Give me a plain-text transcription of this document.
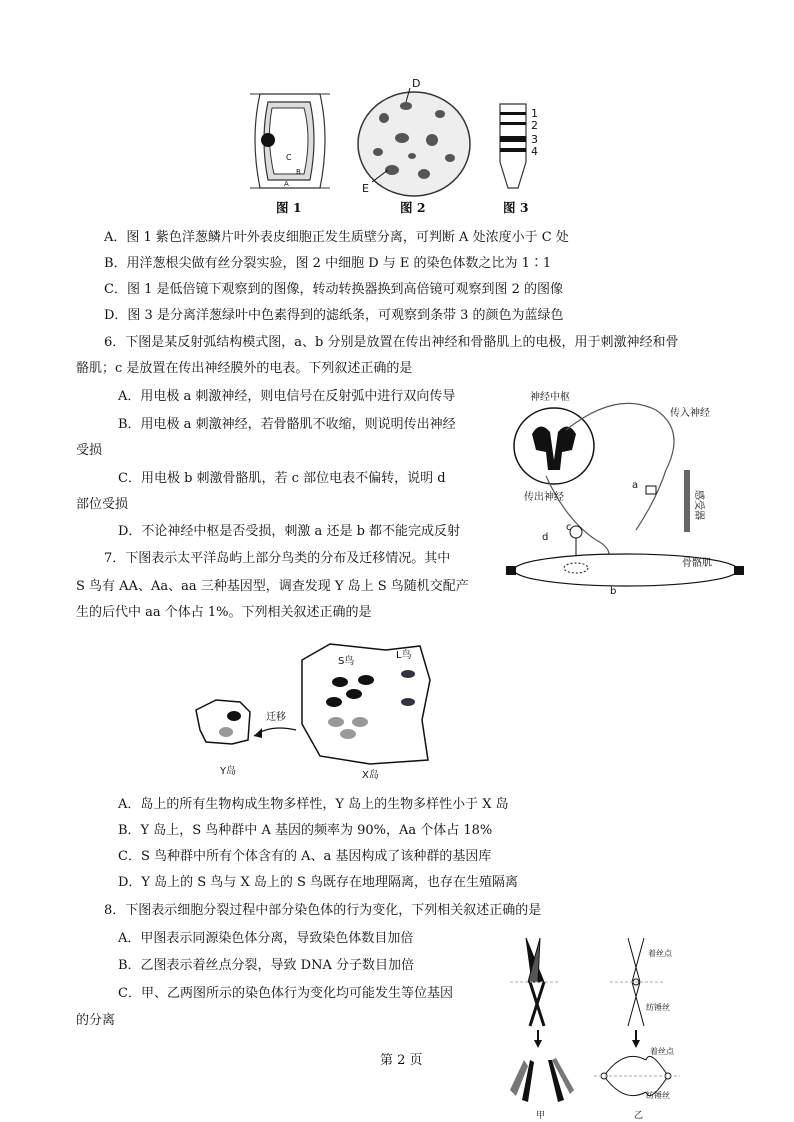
C
B
A
图 1
D
E
图 2
1
2
3
4
图 3
A．图 1 紫色洋葱鳞片叶外表皮细胞正发生质壁分离，可判断 A 处浓度小于 C 处
B．用洋葱根尖做有丝分裂实验，图 2 中细胞 D 与 E 的染色体数之比为 1∶1
C．图 1 是低倍镜下观察到的图像，转动转换器换到高倍镜可观察到图 2 的图像
D．图 3 是分离洋葱绿叶中色素得到的滤纸条，可观察到条带 3 的颜色为蓝绿色
6．下图是某反射弧结构模式图，a、b 分别是放置在传出神经和骨骼肌上的电极，用于刺激神经和骨
骼肌；c 是放置在传出神经膜外的电表。下列叙述正确的是
A．用电极 a 刺激神经，则电信号在反射弧中进行双向传导
B．用电极 a 刺激神经，若骨骼肌不收缩，则说明传出神经
受损
C．用电极 b 刺激骨骼肌，若 c 部位电表不偏转，说明 d
部位受损
D．不论神经中枢是否受损，刺激 a 还是 b 都不能完成反射
神经中枢
传入神经
传出神经	感受器
骨骼肌
a
b
c
d
7．下图表示太平洋岛屿上部分鸟类的分布及迁移情况。其中
S 鸟有 AA、Aa、aa 三种基因型，调查发现 Y 岛上 S 鸟随机交配产
生的后代中 aa 个体占 1%。下列相关叙述正确的是
S鸟
L鸟
迁移
Y岛	X岛
A．岛上的所有生物构成生物多样性，Y 岛上的生物多样性小于 X 岛
B．Y 岛上，S 鸟种群中 A 基因的频率为 90%，Aa 个体占 18%
C．S 鸟种群中所有个体含有的 A、a 基因构成了该种群的基因库
D．Y 岛上的 S 鸟与 X 岛上的 S 鸟既存在地理隔离，也存在生殖隔离
8．下图表示细胞分裂过程中部分染色体的行为变化，下列相关叙述正确的是
A．甲图表示同源染色体分离，导致染色体数目加倍
B．乙图表示着丝点分裂，导致 DNA 分子数目加倍
C．甲、乙两图所示的染色体行为变化均可能发生等位基因
的分离
着丝点
纺锤丝
着丝点
纺锤丝
甲	乙
第 2 页
